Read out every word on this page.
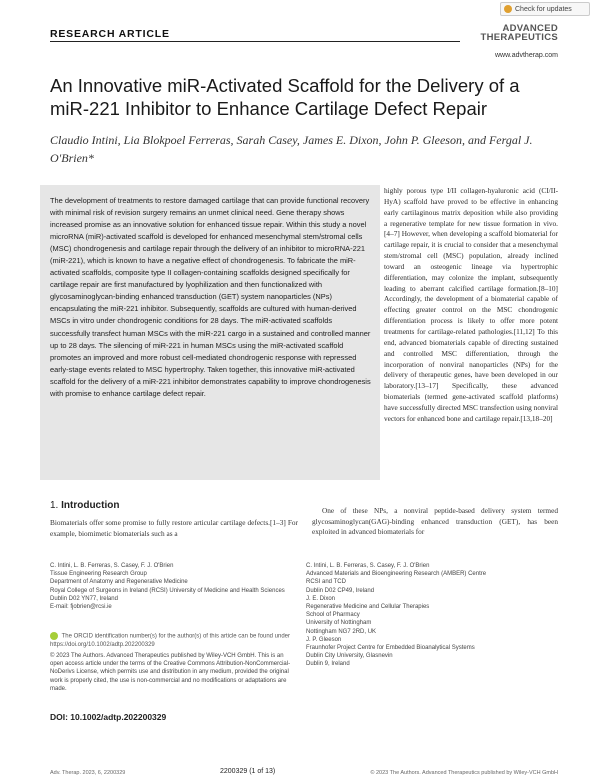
Check for updates
RESEARCH ARTICLE	ADVANCED
THERAPEUTICS
www.advtherap.com
An Innovative miR-Activated Scaffold for the Delivery of a miR-221 Inhibitor to Enhance Cartilage Defect Repair
Claudio Intini, Lia Blokpoel Ferreras, Sarah Casey, James E. Dixon, John P. Gleeson, and Fergal J. O'Brien*
The development of treatments to restore damaged cartilage that can provide functional recovery with minimal risk of revision surgery remains an unmet clinical need. Gene therapy shows increased promise as an innovative solution for enhanced tissue repair. Within this study a novel microRNA (miR)-activated scaffold is developed for enhanced mesenchymal stem/stromal cells (MSC) chondrogenesis and cartilage repair through the delivery of an inhibitor to microRNA-221 (miR-221), which is known to have a negative effect of chondrogenesis. To fabricate the miR-activated scaffolds, composite type II collagen-containing scaffolds designed specifically for cartilage repair are first manufactured by lyophilization and then functionalized with glycosaminoglycan-binding enhanced transduction (GET) system nanoparticles (NPs) encapsulating the miR-221 inhibitor. Subsequently, scaffolds are cultured with human-derived MSCs in vitro under chondrogenic conditions for 28 days. The miR-activated scaffolds successfully transfect human MSCs with the miR-221 cargo in a sustained and controlled manner up to 28 days. The silencing of miR-221 in human MSCs using the miR-activated scaffold promotes an improved and more robust cell-mediated chondrogenic response with repressed early-stage events related to MSC hypertrophy. Taken together, this innovative miR-activated scaffold for the delivery of a miR-221 inhibitor demonstrates capability to improve chondrogenesis with promise to enhance cartilage defect repair.
highly porous type I/II collagen-hyaluronic acid (CI/II-HyA) scaffold have proved to be effective in enhancing early cartilaginous matrix deposition while also providing a regenerative template for new tissue formation in vivo.[4–7] However, when developing a scaffold biomaterial for cartilage repair, it is crucial to consider that a mesenchymal stem/stromal cell (MSC) population, already inclined toward an osteogenic lineage via hypertrophic differentiation, may colonize the implant, subsequently leading to aberrant calcified cartilage formation.[8–10] Accordingly, the development of a biomaterial capable of effecting greater control on the MSC chondrogenic differentiation process is likely to offer more potent treatments for cartilage-related pathologies.[11,12] To this end, advanced biomaterials capable of directing sustained and controlled MSC differentiation, through the incorporation of nonviral nanoparticles (NPs) for the delivery of therapeutic genes, have been developed in our laboratory.[13–17] Specifically, these advanced biomaterials (termed gene-activated scaffold platforms) have successfully directed MSC transfection using nonviral vectors for enhanced bone and cartilage repair.[13,18–20]
1. Introduction
Biomaterials offer some promise to fully restore articular cartilage defects.[1–3] For example, biomimetic biomaterials such as a
One of these NPs, a nonviral peptide-based delivery system termed glycosaminoglycan(GAG)-binding enhanced transduction (GET), has been exploited in advanced biomaterials for
C. Intini, L. B. Ferreras, S. Casey, F. J. O'Brien
Tissue Engineering Research Group
Department of Anatomy and Regenerative Medicine
Royal College of Surgeons in Ireland (RCSI) University of Medicine and Health Sciences
Dublin D02 YN77, Ireland
E-mail: fjobrien@rcsi.ie
C. Intini, L. B. Ferreras, S. Casey, F. J. O'Brien
Advanced Materials and Bioengineering Research (AMBER) Centre
RCSI and TCD
Dublin D02 CP49, Ireland
J. E. Dixon
Regenerative Medicine and Cellular Therapies
School of Pharmacy
University of Nottingham
Nottingham NG7 2RD, UK
J. P. Gleeson
Fraunhofer Project Centre for Embedded Bioanalytical Systems
Dublin City University, Glasnevin
Dublin 9, Ireland
The ORCID identification number(s) for the author(s) of this article can be found under https://doi.org/10.1002/adtp.202200329
© 2023 The Authors. Advanced Therapeutics published by Wiley-VCH GmbH. This is an open access article under the terms of the Creative Commons Attribution-NonCommercial-NoDerivs License, which permits use and distribution in any medium, provided the original work is properly cited, the use is non-commercial and no modifications or adaptations are made.
DOI: 10.1002/adtp.202200329
Adv. Therap. 2023, 6, 2200329	2200329 (1 of 13)	© 2023 The Authors. Advanced Therapeutics published by Wiley-VCH GmbH
